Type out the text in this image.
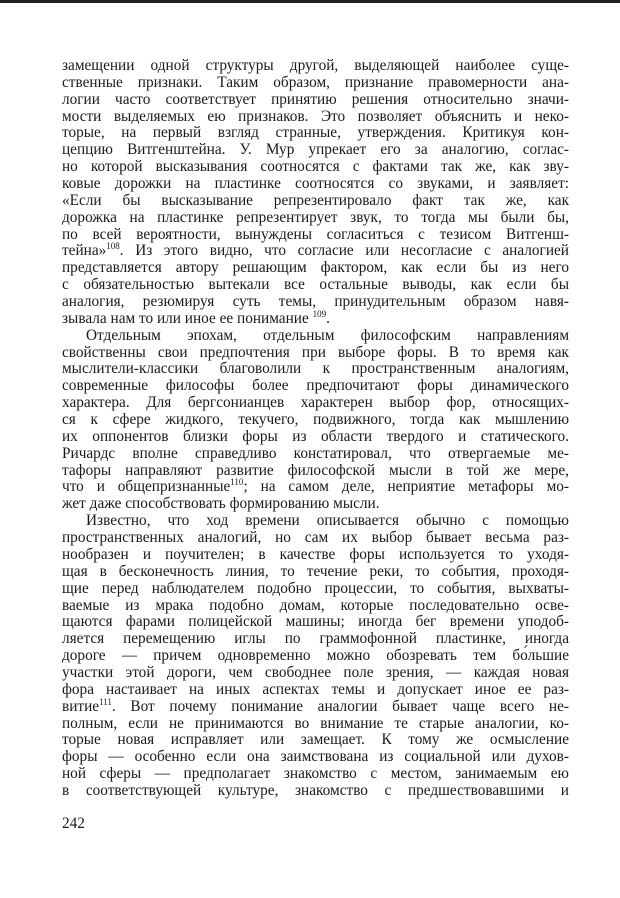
замещении одной структуры другой, выделяющей наиболее суще-
ственные признаки. Таким образом, признание правомерности ана-
логии часто соответствует принятию решения относительно значи-
мости выделяемых ею признаков. Это позволяет объяснить и неко-
торые, на первый взгляд странные, утверждения. Критикуя кон-
цепцию Витгенштейна. У. Мур упрекает его за аналогию, соглас-
но которой высказывания соотносятся с фактами так же, как зву-
ковые дорожки на пластинке соотносятся со звуками, и заявляет:
«Если бы высказывание репрезентировало факт так же, как
дорожка на пластинке репрезентирует звук, то тогда мы были бы,
по всей вероятности, вынуждены согласиться с тезисом Витгенш-
тейна»$^{108}$. Из этого видно, что согласие или несогласие с аналогией
представляется автору решающим фактором, как если бы из него
с обязательностью вытекали все остальные выводы, как если бы
аналогия, резюмируя суть темы, принудительным образом навя-
зывала нам то или иное ее понимание $^{109}$.
Отдельным эпохам, отдельным философским направлениям
свойственны свои предпочтения при выборе форы. В то время как
мыслители-классики благоволили к пространственным аналогиям,
современные философы более предпочитают форы динамического
характера. Для бергсонианцев характерен выбор фор, относящих-
ся к сфере жидкого, текучего, подвижного, тогда как мышлению
их оппонентов близки форы из области твердого и статического.
Ричардс вполне справедливо констатировал, что отвергаемые ме-
тафоры направляют развитие философской мысли в той же мере,
что и общепризнанные$^{110}$; на самом деле, неприятие метафоры мо-
жет даже способствовать формированию мысли.
Известно, что ход времени описывается обычно с помощью
пространственных аналогий, но сам их выбор бывает весьма раз-
нообразен и поучителен; в качестве форы используется то уходя-
щая в бесконечность линия, то течение реки, то события, проходя-
щие перед наблюдателем подобно процессии, то события, выхваты-
ваемые из мрака подобно домам, которые последовательно осве-
щаются фарами полицейской машины; иногда бег времени уподоб-
ляется перемещению иглы по граммофонной пластинке, иногда
дороге — причем одновременно можно обозревать тем бо́льшие
участки этой дороги, чем свободнее поле зрения, — каждая новая
фора настаивает на иных аспектах темы и допускает иное ее раз-
витие$^{111}$. Вот почему понимание аналогии бывает чаще всего не-
полным, если не принимаются во внимание те старые аналогии, ко-
торые новая исправляет или замещает. К тому же осмысление
форы — особенно если она заимствована из социальной или духов-
ной сферы — предполагает знакомство с местом, занимаемым ею
в соответствующей культуре, знакомство с предшествовавшими и
242
